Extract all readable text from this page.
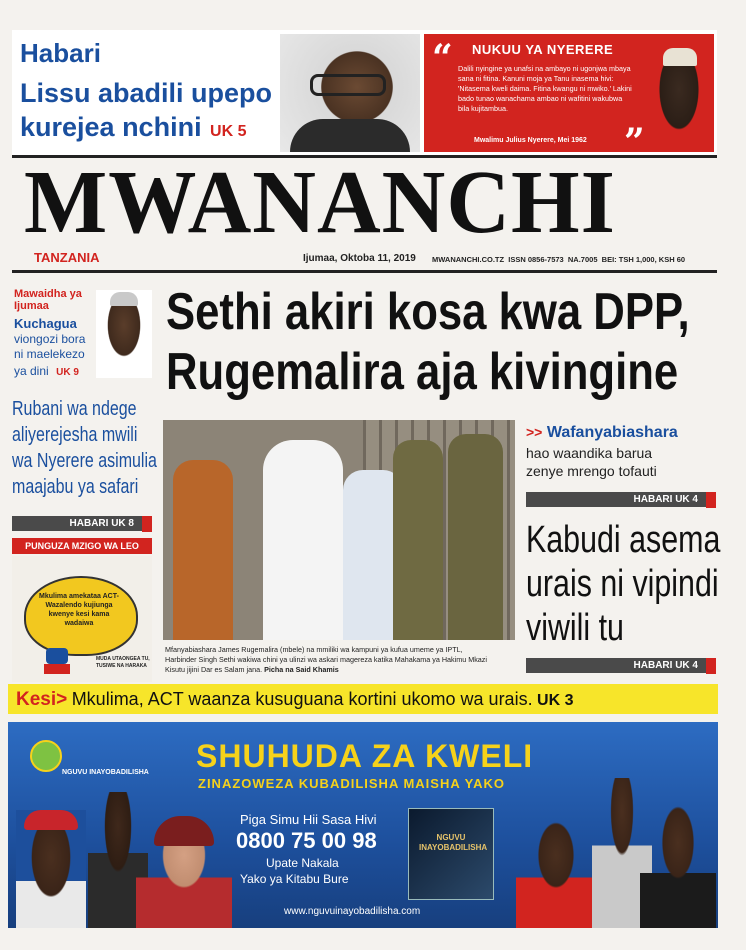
Habari
Lissu abadili upepo
kurejea nchini UK 5
“ NUKUU YA NYERERE
Dalili nyingine ya unafsi na ambayo ni ugonjwa mbaya sana ni fitina. Kanuni moja ya Tanu inasema hivi: 'Nitasema kweli daima. Fitina kwangu ni mwiko.' Lakini bado tunao wanachama ambao ni wafitini wakubwa bila kujitambua.
Mwalimu Julius Nyerere, Mei 1962 ”
MWANANCHI
TANZANIA	Ijumaa, Oktoba 11, 2019 MWANANCHI.CO.TZ ISSN 0856-7573 NA.7005 BEI: TSH 1,000, KSH 60
Mawaidha ya
Ijumaa
Kuchagua
viongozi bora
ni maelekezo
ya dini UK 9
Rubani wa ndege
aliyerejesha mwili
wa Nyerere asimulia
maajabu ya safari
HABARI UK 8
PUNGUZA MZIGO WA LEO
Mkulima amekataa ACT-Wazalendo kujiunga kwenye kesi kama wadaiwa
MUDA UTAONGEA TU, TUSIWE NA HARAKA
Sethi akiri kosa kwa DPP,
Rugemalira aja kivingine
Mfanyabiashara James Rugemalira (mbele) na mmiliki wa kampuni ya kufua umeme ya IPTL,
Harbinder Singh Sethi wakiwa chini ya ulinzi wa askari magereza katika Mahakama ya Hakimu Mkazi
Kisutu jijini Dar es Salam jana. Picha na Said Khamis
>> Wafanyabiashara
hao waandika barua
zenye mrengo tofauti
HABARI UK 4
Kabudi asema
urais ni vipindi
viwili tu
HABARI UK 4
Kesi> Mkulima, ACT waanza kusuguana kortini ukomo wa urais. UK 3
NGUVU INAYOBADILISHA SHUHUDA ZA KWELI
ZINAZOWEZA KUBADILISHA MAISHA YAKO
Piga Simu Hii Sasa Hivi
0800 75 00 98
Upate Nakala
Yako ya Kitabu Bure
www.nguvuinayobadilisha.com
NGUVU INAYOBADILISHA
